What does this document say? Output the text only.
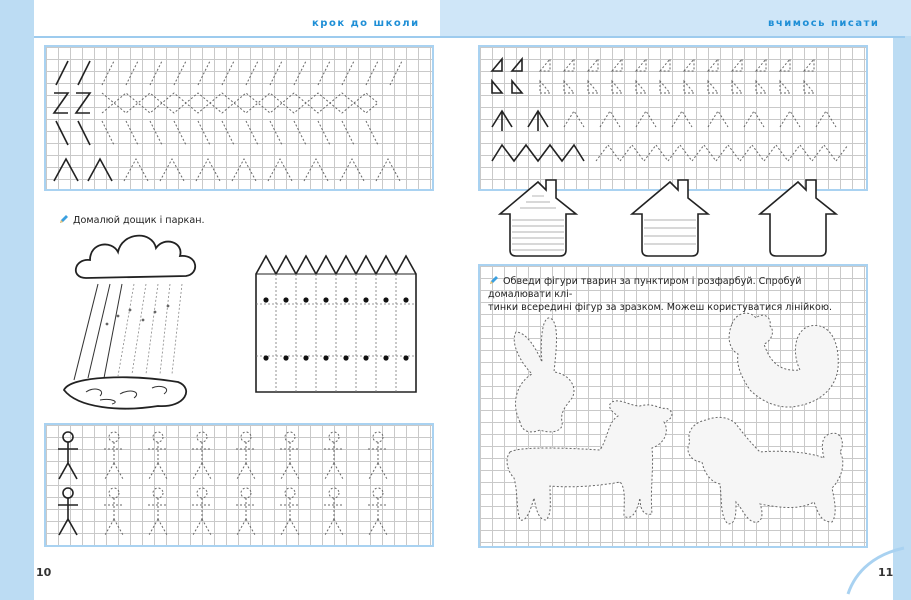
крок до школи	вчимось писати
Домалюй дощик і паркан.
10
Обведи фігури тварин за пунктиром і розфарбуй. Спробуй домалювати клі-
тинки всередині фігур за зразком. Можеш користуватися лінійкою.
11
